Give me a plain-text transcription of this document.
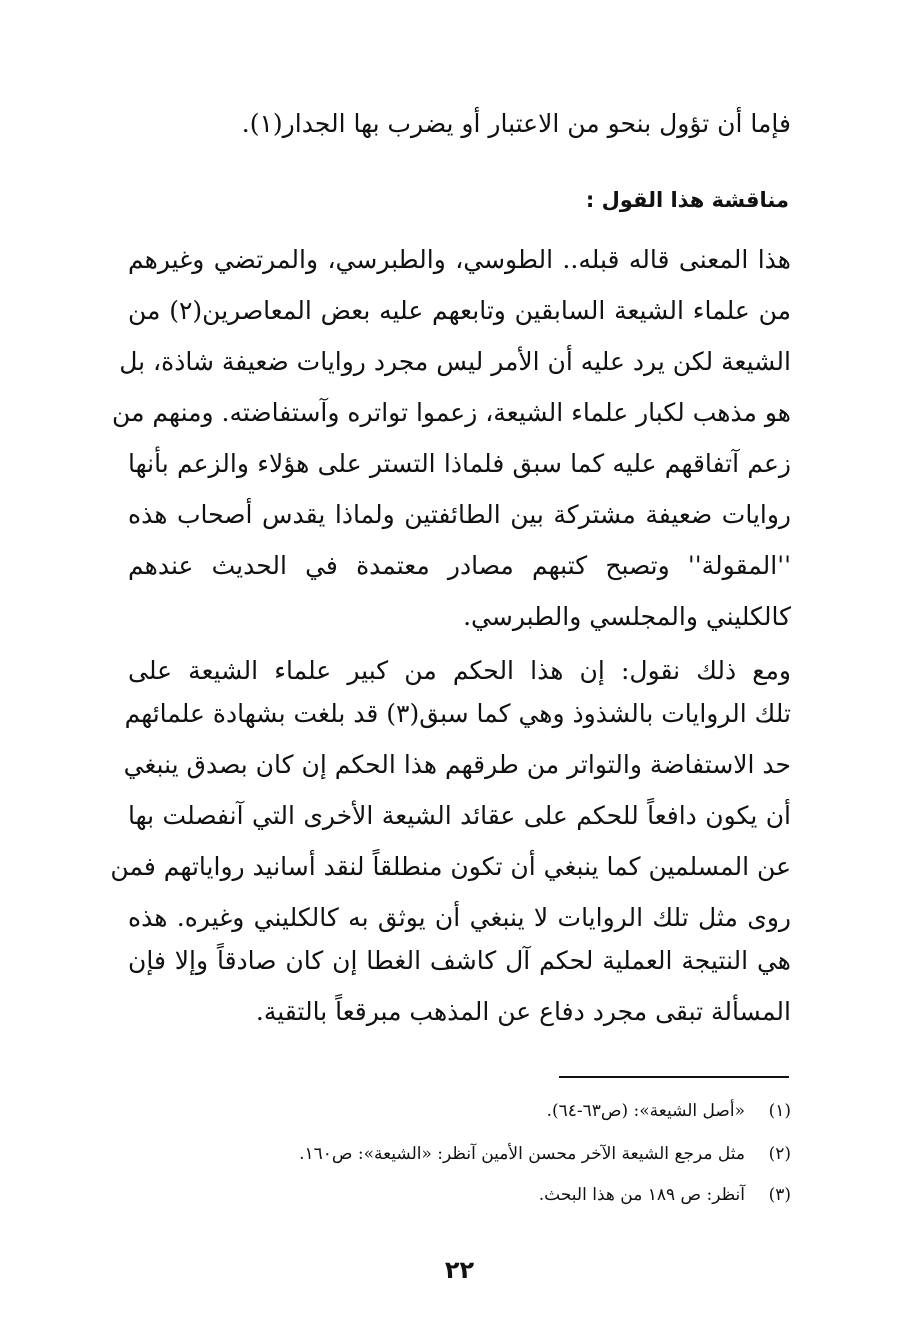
فإما أن تؤول بنحو من الاعتبار أو يضرب بها الجدار(١).
مناقشة هذا القول :
هذا المعنى قاله قبله.. الطوسي، والطبرسي، والمرتضي وغيرهم
من علماء الشيعة السابقين وتابعهم عليه بعض المعاصرين(٢) من
الشيعة لكن يرد عليه أن الأمر ليس مجرد روايات ضعيفة شاذة، بل
هو مذهب لكبار علماء الشيعة، زعموا تواتره وآستفاضته. ومنهم من
زعم آتفاقهم عليه كما سبق فلماذا التستر على هؤلاء والزعم بأنها
روايات ضعيفة مشتركة بين الطائفتين ولماذا يقدس أصحاب هذه
''المقولة'' وتصبح كتبهم مصادر معتمدة في الحديث عندهم
كالكليني والمجلسي والطبرسي.
ومع ذلك نقول: إن هذا الحكم من كبير علماء الشيعة على
تلك الروايات بالشذوذ وهي كما سبق(٣) قد بلغت بشهادة علمائهم
حد الاستفاضة والتواتر من طرقهم هذا الحكم إن كان بصدق ينبغي
أن يكون دافعاً للحكم على عقائد الشيعة الأخرى التي آنفصلت بها
عن المسلمين كما ينبغي أن تكون منطلقاً لنقد أسانيد رواياتهم فمن
روى مثل تلك الروايات لا ينبغي أن يوثق به كالكليني وغيره. هذه
هي النتيجة العملية لحكم آل كاشف الغطا إن كان صادقاً وإلا فإن
المسألة تبقى مجرد دفاع عن المذهب مبرقعاً بالتقية.
(١)«أصل الشيعة»: (ص٦٣-٦٤).
(٢)مثل مرجع الشيعة الآخر محسن الأمين آنظر: «الشيعة»: ص١٦٠.
(٣)آنظر: ص ١٨٩ من هذا البحث.
٢٢
